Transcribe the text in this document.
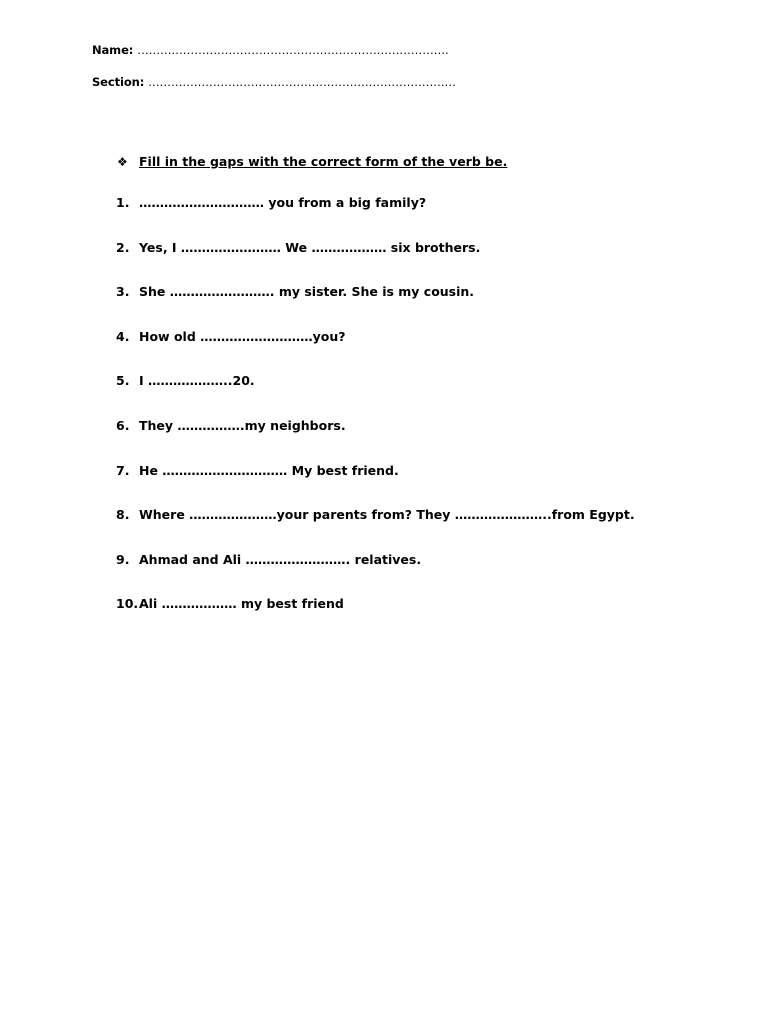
Name: ……………………………………………………………………….
Section: ………………………………………………………………………
❖ Fill in the gaps with the correct form of the verb be.
1. ………………………… you from a big family?
2. Yes, I …………………… We ……………… six brothers.
3. She ……………………. my sister. She is my cousin.
4. How old ………………………you?
5. I ………………..20.
6. They …………….my neighbors.
7. He ………………………… My best friend.
8. Where …………………your parents from? They …………………..from Egypt.
9. Ahmad and Ali ……………………. relatives.
10.Ali ……………… my best friend
